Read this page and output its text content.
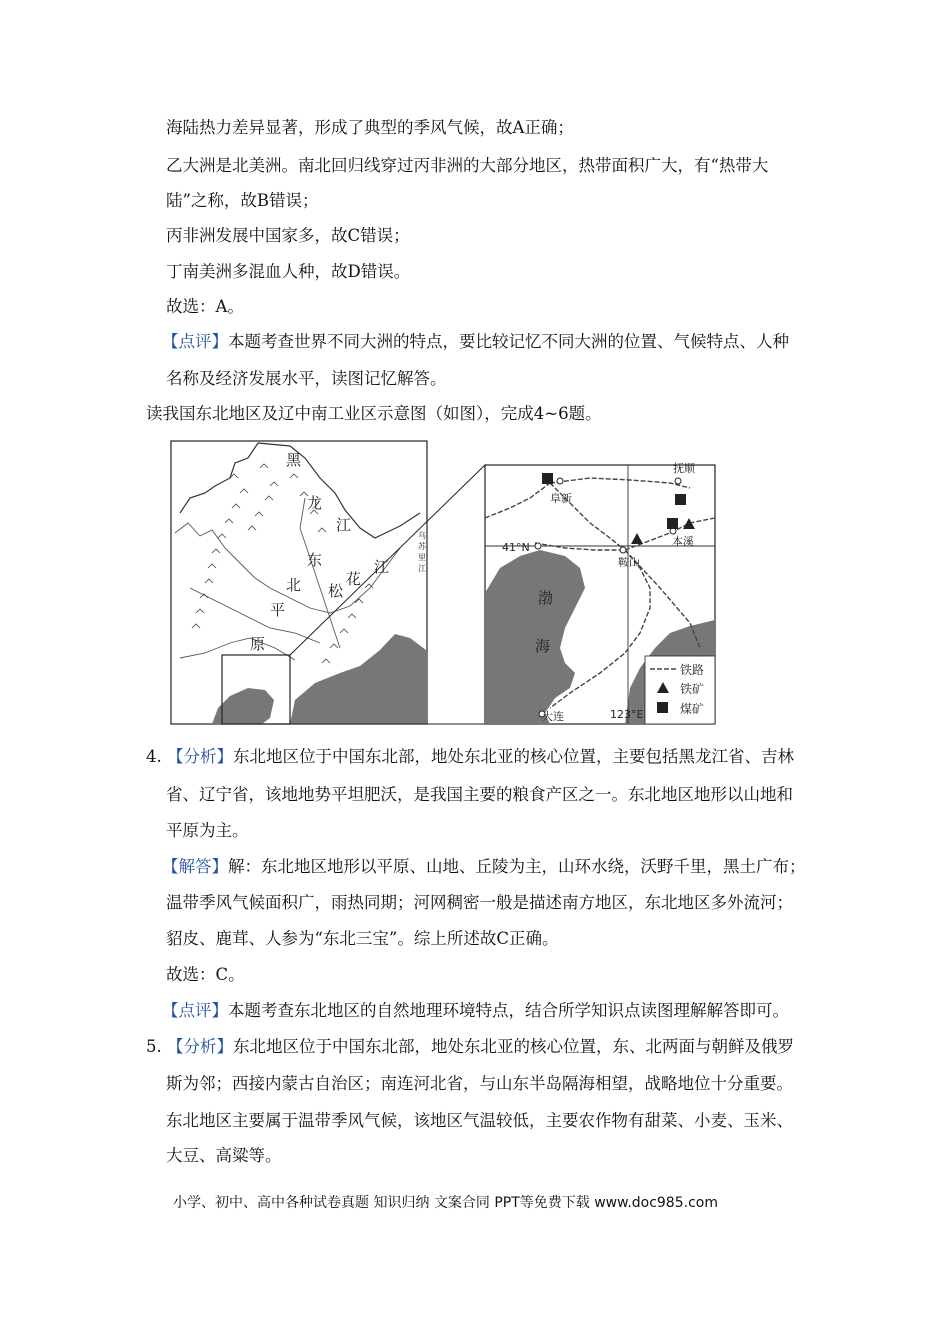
海陆热力差异显著，形成了典型的季风气候，故A正确；
乙大洲是北美洲。南北回归线穿过丙非洲的大部分地区，热带面积广大，有“热带大
陆”之称，故B错误；
丙非洲发展中国家多，故C错误；
丁南美洲多混血人种，故D错误。
故选：A。
【点评】本题考查世界不同大洲的特点，要比较记忆不同大洲的位置、气候特点、人种
名称及经济发展水平，读图记忆解答。
读我国东北地区及辽中南工业区示意图（如图），完成4~6题。
黑
龙
江
东
北 松
花
江
平
原
乌
苏
里
江
阜新
抚顺
本溪
鞍山
大连
41°N
123°E
渤
海
铁路
铁矿
煤矿
4. 【分析】东北地区位于中国东北部，地处东北亚的核心位置，主要包括黑龙江省、吉林
省、辽宁省，该地地势平坦肥沃，是我国主要的粮食产区之一。东北地区地形以山地和
平原为主。
【解答】解：东北地区地形以平原、山地、丘陵为主，山环水绕，沃野千里，黑土广布；
温带季风气候面积广，雨热同期；河网稠密一般是描述南方地区，东北地区多外流河；
貂皮、鹿茸、人参为“东北三宝”。综上所述故C正确。
故选：C。
【点评】本题考查东北地区的自然地理环境特点，结合所学知识点读图理解解答即可。
5. 【分析】东北地区位于中国东北部，地处东北亚的核心位置，东、北两面与朝鲜及俄罗
斯为邻；西接内蒙古自治区；南连河北省，与山东半岛隔海相望，战略地位十分重要。
东北地区主要属于温带季风气候，该地区气温较低，主要农作物有甜菜、小麦、玉米、
大豆、高粱等。
小学、初中、高中各种试卷真题 知识归纳 文案合同 PPT等免费下载 www.doc985.com
